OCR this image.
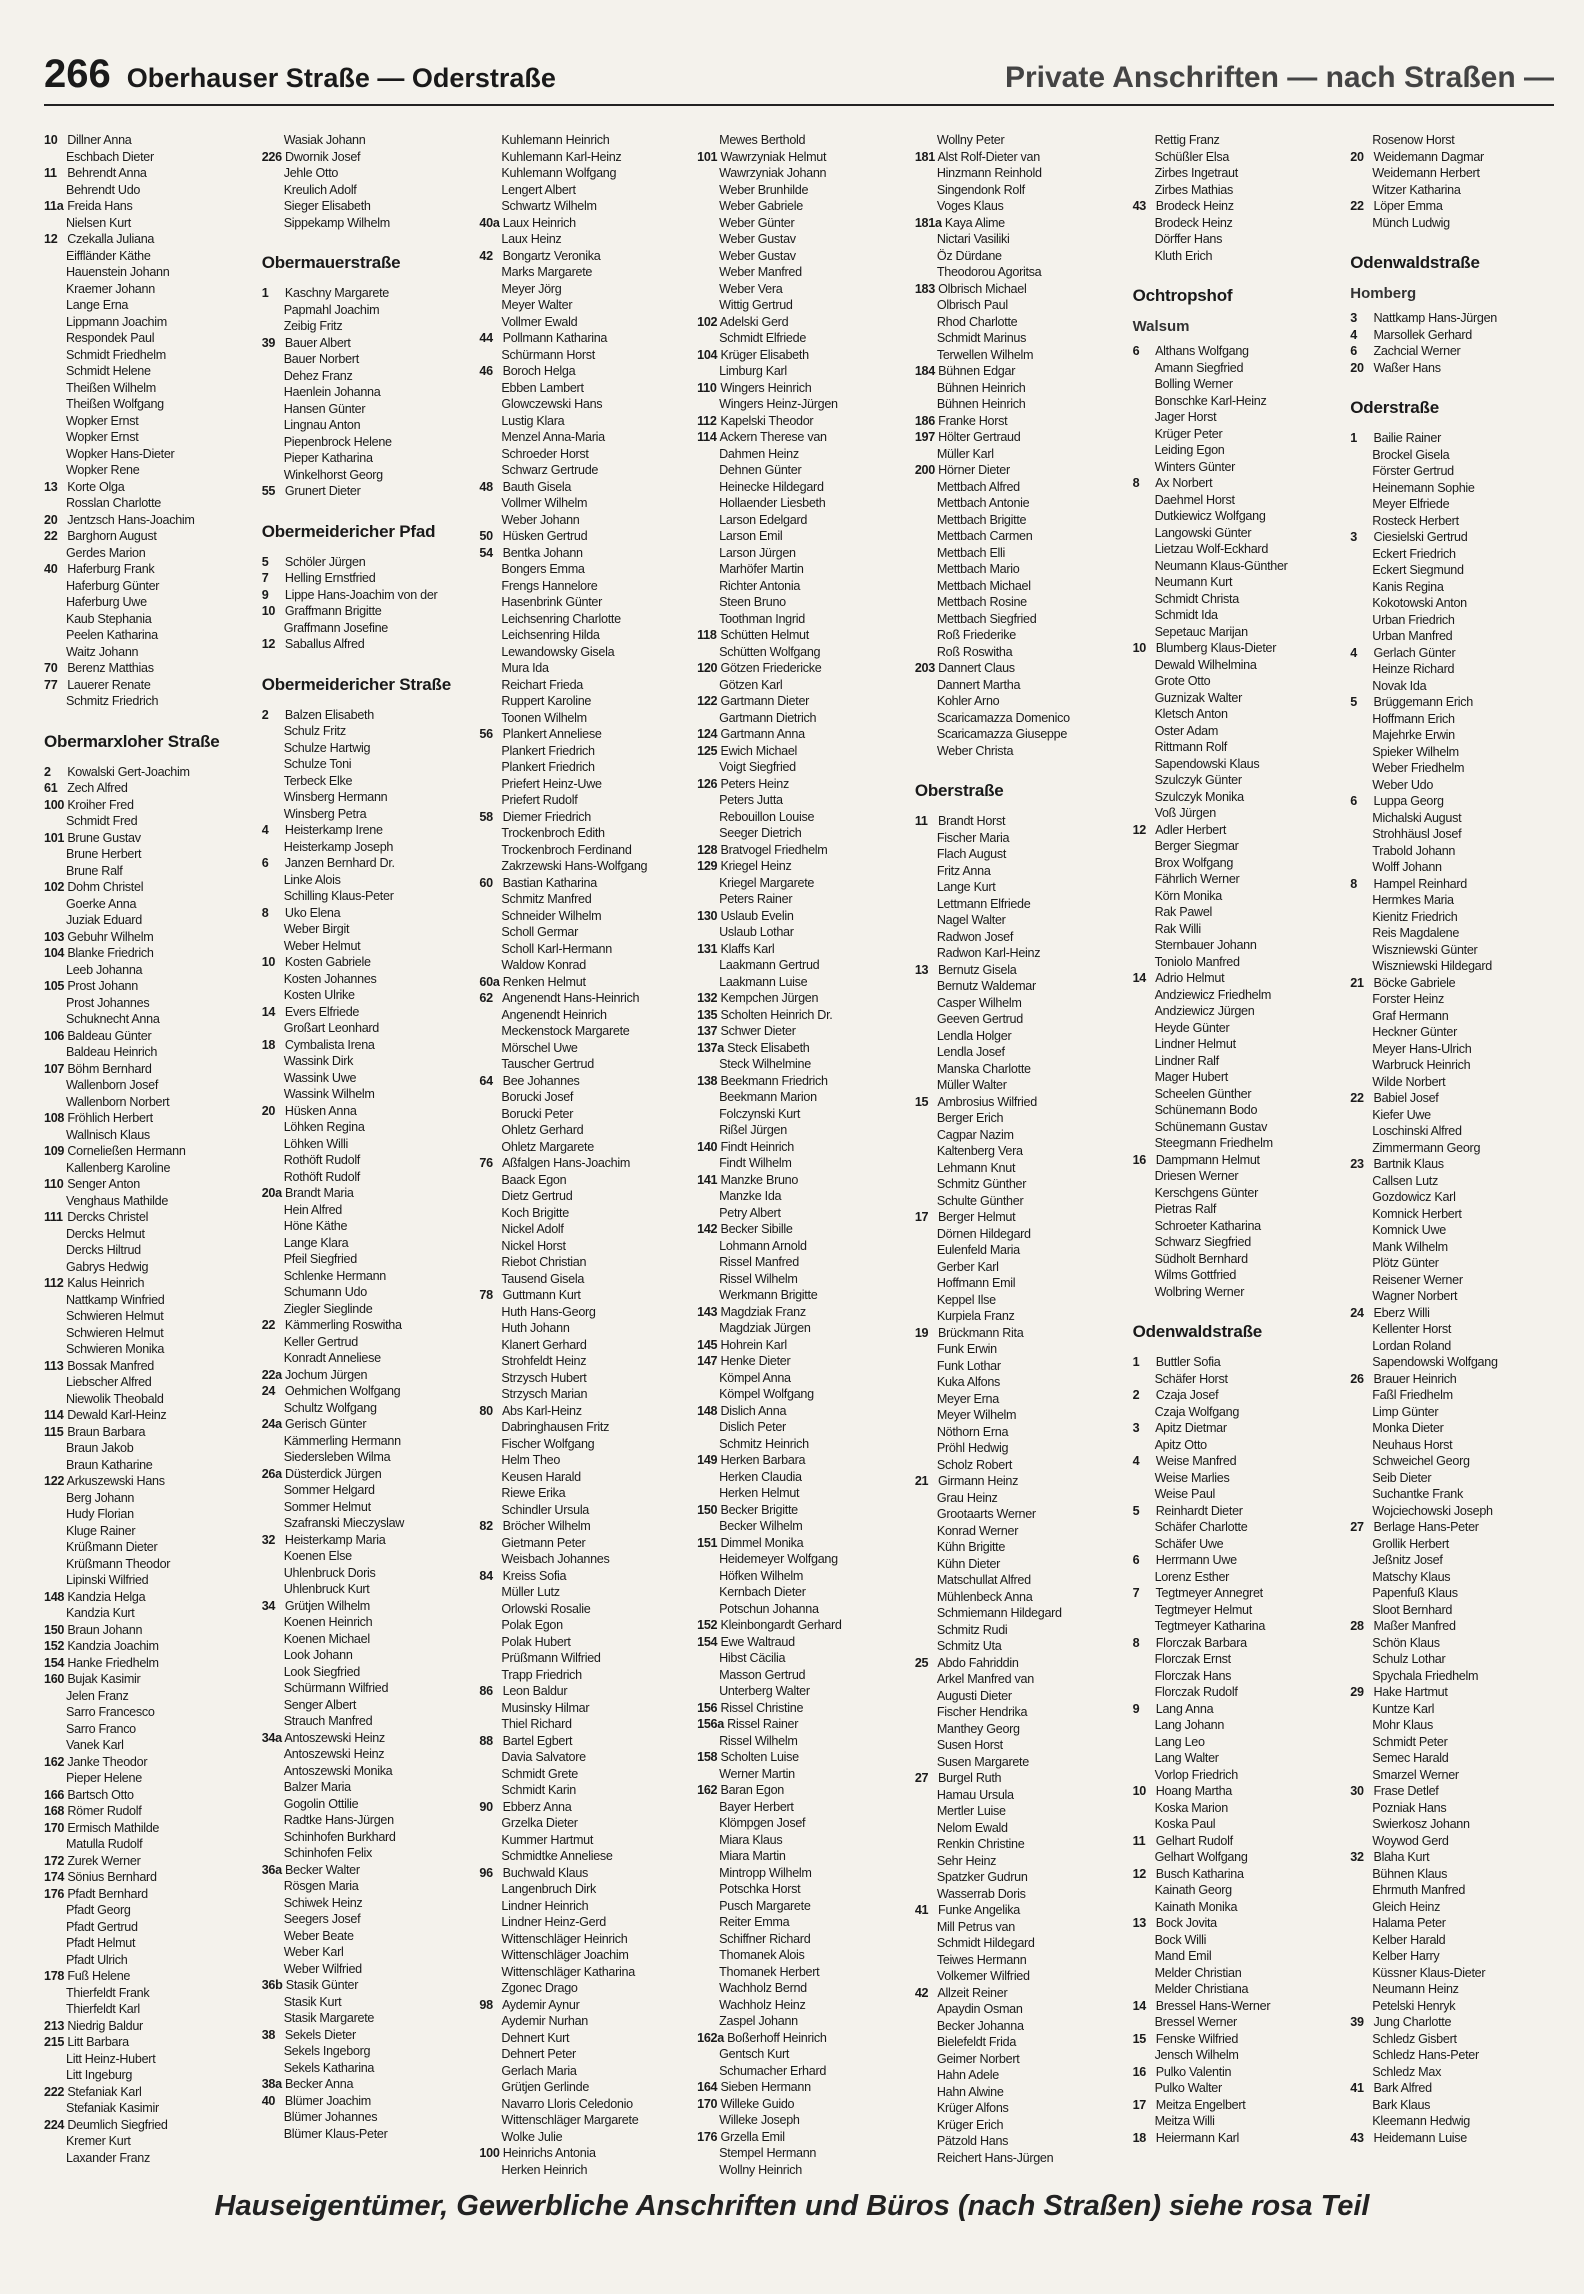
266 Oberhauser Straße — Oderstraße	Private Anschriften — nach Straßen —
10 Dillner Anna
Eschbach Dieter
11 Behrendt Anna
Behrendt Udo
11a Freida Hans
Nielsen Kurt
12 Czekalla Juliana
Eiffländer Käthe
Hauenstein Johann
Kraemer Johann
Lange Erna
Lippmann Joachim
Respondek Paul
Schmidt Friedhelm
Schmidt Helene
Theißen Wilhelm
Theißen Wolfgang
Wopker Ernst
Wopker Ernst
Wopker Hans-Dieter
Wopker Rene
13 Korte Olga
Rosslan Charlotte
20 Jentzsch Hans-Joachim
22 Barghorn August
Gerdes Marion
40 Haferburg Frank
Haferburg Günter
Haferburg Uwe
Kaub Stephania
Peelen Katharina
Waitz Johann
70 Berenz Matthias
77 Lauerer Renate
Schmitz Friedrich
Obermarxloher Straße
2 Kowalski Gert-Joachim
61 Zech Alfred
100 Kroiher Fred
Schmidt Fred
101 Brune Gustav
Brune Herbert
Brune Ralf
102 Dohm Christel
Goerke Anna
Juziak Eduard
103 Gebuhr Wilhelm
104 Blanke Friedrich
Leeb Johanna
105 Prost Johann
Prost Johannes
Schuknecht Anna
106 Baldeau Günter
Baldeau Heinrich
107 Böhm Bernhard
Wallenborn Josef
Wallenborn Norbert
108 Fröhlich Herbert
Wallnisch Klaus
109 Corneließen Hermann
Kallenberg Karoline
110 Senger Anton
Venghaus Mathilde
111 Dercks Christel
Dercks Helmut
Dercks Hiltrud
Gabrys Hedwig
112 Kalus Heinrich
Nattkamp Winfried
Schwieren Helmut
Schwieren Helmut
Schwieren Monika
113 Bossak Manfred
Liebscher Alfred
Niewolik Theobald
114 Dewald Karl-Heinz
115 Braun Barbara
Braun Jakob
Braun Katharine
122 Arkuszewski Hans
Berg Johann
Hudy Florian
Kluge Rainer
Krüßmann Dieter
Krüßmann Theodor
Lipinski Wilfried
148 Kandzia Helga
Kandzia Kurt
150 Braun Johann
152 Kandzia Joachim
154 Hanke Friedhelm
160 Bujak Kasimir
Jelen Franz
Sarro Francesco
Sarro Franco
Vanek Karl
162 Janke Theodor
Pieper Helene
166 Bartsch Otto
168 Römer Rudolf
170 Ermisch Mathilde
Matulla Rudolf
172 Zurek Werner
174 Sönius Bernhard
176 Pfadt Bernhard
Pfadt Georg
Pfadt Gertrud
Pfadt Helmut
Pfadt Ulrich
178 Fuß Helene
Thierfeldt Frank
Thierfeldt Karl
213 Niedrig Baldur
215 Litt Barbara
Litt Heinz-Hubert
Litt Ingeburg
222 Stefaniak Karl
Stefaniak Kasimir
224 Deumlich Siegfried
Kremer Kurt
Laxander Franz
Wasiak Johann
226 Dwornik Josef
Jehle Otto
Kreulich Adolf
Sieger Elisabeth
Sippekamp Wilhelm
Obermauerstraße
1 Kaschny Margarete
Papmahl Joachim
Zeibig Fritz
39 Bauer Albert
Bauer Norbert
Dehez Franz
Haenlein Johanna
Hansen Günter
Lingnau Anton
Piepenbrock Helene
Pieper Katharina
Winkelhorst Georg
55 Grunert Dieter
Obermeidericher Pfad
5 Schöler Jürgen
7 Helling Ernstfried
9 Lippe Hans-Joachim von der
10 Graffmann Brigitte
Graffmann Josefine
12 Saballus Alfred
Obermeidericher Straße
2 Balzen Elisabeth
Schulz Fritz
Schulze Hartwig
Schulze Toni
Terbeck Elke
Winsberg Hermann
Winsberg Petra
4 Heisterkamp Irene
Heisterkamp Joseph
6 Janzen Bernhard Dr.
Linke Alois
Schilling Klaus-Peter
8 Uko Elena
Weber Birgit
Weber Helmut
10 Kosten Gabriele
Kosten Johannes
Kosten Ulrike
14 Evers Elfriede
Großart Leonhard
18 Cymbalista Irena
Wassink Dirk
Wassink Uwe
Wassink Wilhelm
20 Hüsken Anna
Löhken Regina
Löhken Willi
Rothöft Rudolf
Rothöft Rudolf
20a Brandt Maria
Hein Alfred
Höne Käthe
Lange Klara
Pfeil Siegfried
Schlenke Hermann
Schumann Udo
Ziegler Sieglinde
22 Kämmerling Roswitha
Keller Gertrud
Konradt Anneliese
22a Jochum Jürgen
24 Oehmichen Wolfgang
Schultz Wolfgang
24a Gerisch Günter
Kämmerling Hermann
Siedersleben Wilma
26a Düsterdick Jürgen
Sommer Helgard
Sommer Helmut
Szafranski Mieczyslaw
32 Heisterkamp Maria
Koenen Else
Uhlenbruck Doris
Uhlenbruck Kurt
34 Grütjen Wilhelm
Koenen Heinrich
Koenen Michael
Look Johann
Look Siegfried
Schürmann Wilfried
Senger Albert
Strauch Manfred
34a Antoszewski Heinz
Antoszewski Heinz
Antoszewski Monika
Balzer Maria
Gogolin Ottilie
Radtke Hans-Jürgen
Schinhofen Burkhard
Schinhofen Felix
36a Becker Walter
Rösgen Maria
Schiwek Heinz
Seegers Josef
Weber Beate
Weber Karl
Weber Wilfried
36b Stasik Günter
Stasik Kurt
Stasik Margarete
38 Sekels Dieter
Sekels Ingeborg
Sekels Katharina
38a Becker Anna
40 Blümer Joachim
Blümer Johannes
Blümer Klaus-Peter
Kuhlemann Heinrich
Kuhlemann Karl-Heinz
Kuhlemann Wolfgang
Lengert Albert
Schwartz Wilhelm
40a Laux Heinrich
Laux Heinz
42 Bongartz Veronika
Marks Margarete
Meyer Jörg
Meyer Walter
Vollmer Ewald
44 Pollmann Katharina
Schürmann Horst
46 Boroch Helga
Ebben Lambert
Glowczewski Hans
Lustig Klara
Menzel Anna-Maria
Schroeder Horst
Schwarz Gertrude
48 Bauth Gisela
Vollmer Wilhelm
Weber Johann
50 Hüsken Gertrud
54 Bentka Johann
Bongers Emma
Frengs Hannelore
Hasenbrink Günter
Leichsenring Charlotte
Leichsenring Hilda
Lewandowsky Gisela
Mura Ida
Reichart Frieda
Ruppert Karoline
Toonen Wilhelm
56 Plankert Anneliese
Plankert Friedrich
Plankert Friedrich
Priefert Heinz-Uwe
Priefert Rudolf
58 Diemer Friedrich
Trockenbroch Edith
Trockenbroch Ferdinand
Zakrzewski Hans-Wolfgang
60 Bastian Katharina
Schmitz Manfred
Schneider Wilhelm
Scholl Germar
Scholl Karl-Hermann
Waldow Konrad
60a Renken Helmut
62 Angenendt Hans-Heinrich
Angenendt Heinrich
Meckenstock Margarete
Mörschel Uwe
Tauscher Gertrud
64 Bee Johannes
Borucki Josef
Borucki Peter
Ohletz Gerhard
Ohletz Margarete
76 Aßfalgen Hans-Joachim
Baack Egon
Dietz Gertrud
Koch Brigitte
Nickel Adolf
Nickel Horst
Riebot Christian
Tausend Gisela
78 Guttmann Kurt
Huth Hans-Georg
Huth Johann
Klanert Gerhard
Strohfeldt Heinz
Strzysch Hubert
Strzysch Marian
80 Abs Karl-Heinz
Dabringhausen Fritz
Fischer Wolfgang
Helm Theo
Keusen Harald
Riewe Erika
Schindler Ursula
82 Bröcher Wilhelm
Gietmann Peter
Weisbach Johannes
84 Kreiss Sofia
Müller Lutz
Orlowski Rosalie
Polak Egon
Polak Hubert
Prüßmann Wilfried
Trapp Friedrich
86 Leon Baldur
Musinsky Hilmar
Thiel Richard
88 Bartel Egbert
Davia Salvatore
Schmidt Grete
Schmidt Karin
90 Ebberz Anna
Grzelka Dieter
Kummer Hartmut
Schmidtke Anneliese
96 Buchwald Klaus
Langenbruch Dirk
Lindner Heinrich
Lindner Heinz-Gerd
Wittenschläger Heinrich
Wittenschläger Joachim
Wittenschläger Katharina
Zgonec Drago
98 Aydemir Aynur
Aydemir Nurhan
Dehnert Kurt
Dehnert Peter
Gerlach Maria
Grütjen Gerlinde
Navarro Lloris Celedonio
Wittenschläger Margarete
Wolke Julie
100 Heinrichs Antonia
Herken Heinrich
Mewes Berthold
101 Wawrzyniak Helmut
Wawrzyniak Johann
Weber Brunhilde
Weber Gabriele
Weber Günter
Weber Gustav
Weber Gustav
Weber Manfred
Weber Vera
Wittig Gertrud
102 Adelski Gerd
Schmidt Elfriede
104 Krüger Elisabeth
Limburg Karl
110 Wingers Heinrich
Wingers Heinz-Jürgen
112 Kapelski Theodor
114 Ackern Therese van
Dahmen Heinz
Dehnen Günter
Heinecke Hildegard
Hollaender Liesbeth
Larson Edelgard
Larson Emil
Larson Jürgen
Marhöfer Martin
Richter Antonia
Steen Bruno
Toothman Ingrid
118 Schütten Helmut
Schütten Wolfgang
120 Götzen Friedericke
Götzen Karl
122 Gartmann Dieter
Gartmann Dietrich
124 Gartmann Anna
125 Ewich Michael
Voigt Siegfried
126 Peters Heinz
Peters Jutta
Rebouillon Louise
Seeger Dietrich
128 Bratvogel Friedhelm
129 Kriegel Heinz
Kriegel Margarete
Peters Rainer
130 Uslaub Evelin
Uslaub Lothar
131 Klaffs Karl
Laakmann Gertrud
Laakmann Luise
132 Kempchen Jürgen
135 Scholten Heinrich Dr.
137 Schwer Dieter
137a Steck Elisabeth
Steck Wilhelmine
138 Beekmann Friedrich
Beekmann Marion
Folczynski Kurt
Rißel Jürgen
140 Findt Heinrich
Findt Wilhelm
141 Manzke Bruno
Manzke Ida
Petry Albert
142 Becker Sibille
Lohmann Arnold
Rissel Manfred
Rissel Wilhelm
Werkmann Brigitte
143 Magdziak Franz
Magdziak Jürgen
145 Hohrein Karl
147 Henke Dieter
Kömpel Anna
Kömpel Wolfgang
148 Dislich Anna
Dislich Peter
Schmitz Heinrich
149 Herken Barbara
Herken Claudia
Herken Helmut
150 Becker Brigitte
Becker Wilhelm
151 Dimmel Monika
Heidemeyer Wolfgang
Höfken Wilhelm
Kernbach Dieter
Potschun Johanna
152 Kleinbongardt Gerhard
154 Ewe Waltraud
Hibst Cäcilia
Masson Gertrud
Unterberg Walter
156 Rissel Christine
156a Rissel Rainer
Rissel Wilhelm
158 Scholten Luise
Werner Martin
162 Baran Egon
Bayer Herbert
Klömpgen Josef
Miara Klaus
Miara Martin
Mintropp Wilhelm
Potschka Horst
Pusch Margarete
Reiter Emma
Schiffner Richard
Thomanek Alois
Thomanek Herbert
Wachholz Bernd
Wachholz Heinz
Zaspel Johann
162a Boßerhoff Heinrich
Gentsch Kurt
Schumacher Erhard
164 Sieben Hermann
170 Willeke Guido
Willeke Joseph
176 Grzella Emil
Stempel Hermann
Wollny Heinrich
Wollny Peter
181 Alst Rolf-Dieter van
Hinzmann Reinhold
Singendonk Rolf
Voges Klaus
181a Kaya Alime
Nictari Vasiliki
Öz Dürdane
Theodorou Agoritsa
183 Olbrisch Michael
Olbrisch Paul
Rhod Charlotte
Schmidt Marinus
Terwellen Wilhelm
184 Bühnen Edgar
Bühnen Heinrich
Bühnen Heinrich
186 Franke Horst
197 Hölter Gertraud
Müller Karl
200 Hörner Dieter
Mettbach Alfred
Mettbach Antonie
Mettbach Brigitte
Mettbach Carmen
Mettbach Elli
Mettbach Mario
Mettbach Michael
Mettbach Rosine
Mettbach Siegfried
Roß Friederike
Roß Roswitha
203 Dannert Claus
Dannert Martha
Kohler Arno
Scaricamazza Domenico
Scaricamazza Giuseppe
Weber Christa
Oberstraße
11 Brandt Horst
Fischer Maria
Flach August
Fritz Anna
Lange Kurt
Lettmann Elfriede
Nagel Walter
Radwon Josef
Radwon Karl-Heinz
13 Bernutz Gisela
Bernutz Waldemar
Casper Wilhelm
Geeven Gertrud
Lendla Holger
Lendla Josef
Manska Charlotte
Müller Walter
15 Ambrosius Wilfried
Berger Erich
Cagpar Nazim
Kaltenberg Vera
Lehmann Knut
Schmitz Günther
Schulte Günther
17 Berger Helmut
Dörnen Hildegard
Eulenfeld Maria
Gerber Karl
Hoffmann Emil
Keppel Ilse
Kurpiela Franz
19 Brückmann Rita
Funk Erwin
Funk Lothar
Kuka Alfons
Meyer Erna
Meyer Wilhelm
Nöthorn Erna
Pröhl Hedwig
Scholz Robert
21 Girmann Heinz
Grau Heinz
Grootaarts Werner
Konrad Werner
Kühn Brigitte
Kühn Dieter
Matschullat Alfred
Mühlenbeck Anna
Schmiemann Hildegard
Schmitz Rudi
Schmitz Uta
25 Abdo Fahriddin
Arkel Manfred van
Augusti Dieter
Fischer Hendrika
Manthey Georg
Susen Horst
Susen Margarete
27 Burgel Ruth
Hamau Ursula
Mertler Luise
Nelom Ewald
Renkin Christine
Sehr Heinz
Spatzker Gudrun
Wasserrab Doris
41 Funke Angelika
Mill Petrus van
Schmidt Hildegard
Teiwes Hermann
Volkemer Wilfried
42 Allzeit Reiner
Apaydin Osman
Becker Johanna
Bielefeldt Frida
Geimer Norbert
Hahn Adele
Hahn Alwine
Krüger Alfons
Krüger Erich
Pätzold Hans
Reichert Hans-Jürgen
Rettig Franz
Schüßler Elsa
Zirbes Ingetraut
Zirbes Mathias
43 Brodeck Heinz
Brodeck Heinz
Dörffer Hans
Kluth Erich
Ochtropshof
Walsum
6 Althans Wolfgang
Amann Siegfried
Bolling Werner
Bonschke Karl-Heinz
Jager Horst
Krüger Peter
Leiding Egon
Winters Günter
8 Ax Norbert
Daehmel Horst
Dutkiewicz Wolfgang
Langowski Günter
Lietzau Wolf-Eckhard
Neumann Klaus-Günther
Neumann Kurt
Schmidt Christa
Schmidt Ida
Sepetauc Marijan
10 Blumberg Klaus-Dieter
Dewald Wilhelmina
Grote Otto
Guznizak Walter
Kletsch Anton
Oster Adam
Rittmann Rolf
Sapendowski Klaus
Szulczyk Günter
Szulczyk Monika
Voß Jürgen
12 Adler Herbert
Berger Siegmar
Brox Wolfgang
Fährlich Werner
Körn Monika
Rak Pawel
Rak Willi
Sternbauer Johann
Toniolo Manfred
14 Adrio Helmut
Andziewicz Friedhelm
Andziewicz Jürgen
Heyde Günter
Lindner Helmut
Lindner Ralf
Mager Hubert
Scheelen Günther
Schünemann Bodo
Schünemann Gustav
Steegmann Friedhelm
16 Dampmann Helmut
Driesen Werner
Kerschgens Günter
Pietras Ralf
Schroeter Katharina
Schwarz Siegfried
Südholt Bernhard
Wilms Gottfried
Wolbring Werner
Odenwaldstraße
1 Buttler Sofia
Schäfer Horst
2 Czaja Josef
Czaja Wolfgang
3 Apitz Dietmar
Apitz Otto
4 Weise Manfred
Weise Marlies
Weise Paul
5 Reinhardt Dieter
Schäfer Charlotte
Schäfer Uwe
6 Herrmann Uwe
Lorenz Esther
7 Tegtmeyer Annegret
Tegtmeyer Helmut
Tegtmeyer Katharina
8 Florczak Barbara
Florczak Ernst
Florczak Hans
Florczak Rudolf
9 Lang Anna
Lang Johann
Lang Leo
Lang Walter
Vorlop Friedrich
10 Hoang Martha
Koska Marion
Koska Paul
11 Gelhart Rudolf
Gelhart Wolfgang
12 Busch Katharina
Kainath Georg
Kainath Monika
13 Bock Jovita
Bock Willi
Mand Emil
Melder Christian
Melder Christiana
14 Bressel Hans-Werner
Bressel Werner
15 Fenske Wilfried
Jensch Wilhelm
16 Pulko Valentin
Pulko Walter
17 Meitza Engelbert
Meitza Willi
18 Heiermann Karl
Rosenow Horst
20 Weidemann Dagmar
Weidemann Herbert
Witzer Katharina
22 Löper Emma
Münch Ludwig
Odenwaldstraße
Homberg
3 Nattkamp Hans-Jürgen
4 Marsollek Gerhard
6 Zachcial Werner
20 Waßer Hans
Oderstraße
1 Bailie Rainer
Brockel Gisela
Förster Gertrud
Heinemann Sophie
Meyer Elfriede
Rosteck Herbert
3 Ciesielski Gertrud
Eckert Friedrich
Eckert Siegmund
Kanis Regina
Kokotowski Anton
Urban Friedrich
Urban Manfred
4 Gerlach Günter
Heinze Richard
Novak Ida
5 Brüggemann Erich
Hoffmann Erich
Majehrke Erwin
Spieker Wilhelm
Weber Friedhelm
Weber Udo
6 Luppa Georg
Michalski August
Strohhäusl Josef
Trabold Johann
Wolff Johann
8 Hampel Reinhard
Hermkes Maria
Kienitz Friedrich
Reis Magdalene
Wiszniewski Günter
Wiszniewski Hildegard
21 Böcke Gabriele
Forster Heinz
Graf Hermann
Heckner Günter
Meyer Hans-Ulrich
Warbruck Heinrich
Wilde Norbert
22 Babiel Josef
Kiefer Uwe
Loschinski Alfred
Zimmermann Georg
23 Bartnik Klaus
Callsen Lutz
Gozdowicz Karl
Komnick Herbert
Komnick Uwe
Mank Wilhelm
Plötz Günter
Reisener Werner
Wagner Norbert
24 Eberz Willi
Kellenter Horst
Lordan Roland
Sapendowski Wolfgang
26 Brauer Heinrich
Faßl Friedhelm
Limp Günter
Monka Dieter
Neuhaus Horst
Schweichel Georg
Seib Dieter
Suchantke Frank
Wojciechowski Joseph
27 Berlage Hans-Peter
Grollik Herbert
Jeßnitz Josef
Matschy Klaus
Papenfuß Klaus
Sloot Bernhard
28 Maßer Manfred
Schön Klaus
Schulz Lothar
Spychala Friedhelm
29 Hake Hartmut
Kuntze Karl
Mohr Klaus
Schmidt Peter
Semec Harald
Smarzel Werner
30 Frase Detlef
Pozniak Hans
Swierkosz Johann
Woywod Gerd
32 Blaha Kurt
Bühnen Klaus
Ehrmuth Manfred
Gleich Heinz
Halama Peter
Kelber Harald
Kelber Harry
Küssner Klaus-Dieter
Neumann Heinz
Petelski Henryk
39 Jung Charlotte
Schledz Gisbert
Schledz Hans-Peter
Schledz Max
41 Bark Alfred
Bark Klaus
Kleemann Hedwig
43 Heidemann Luise
Hauseigentümer, Gewerbliche Anschriften und Büros (nach Straßen) siehe rosa Teil
